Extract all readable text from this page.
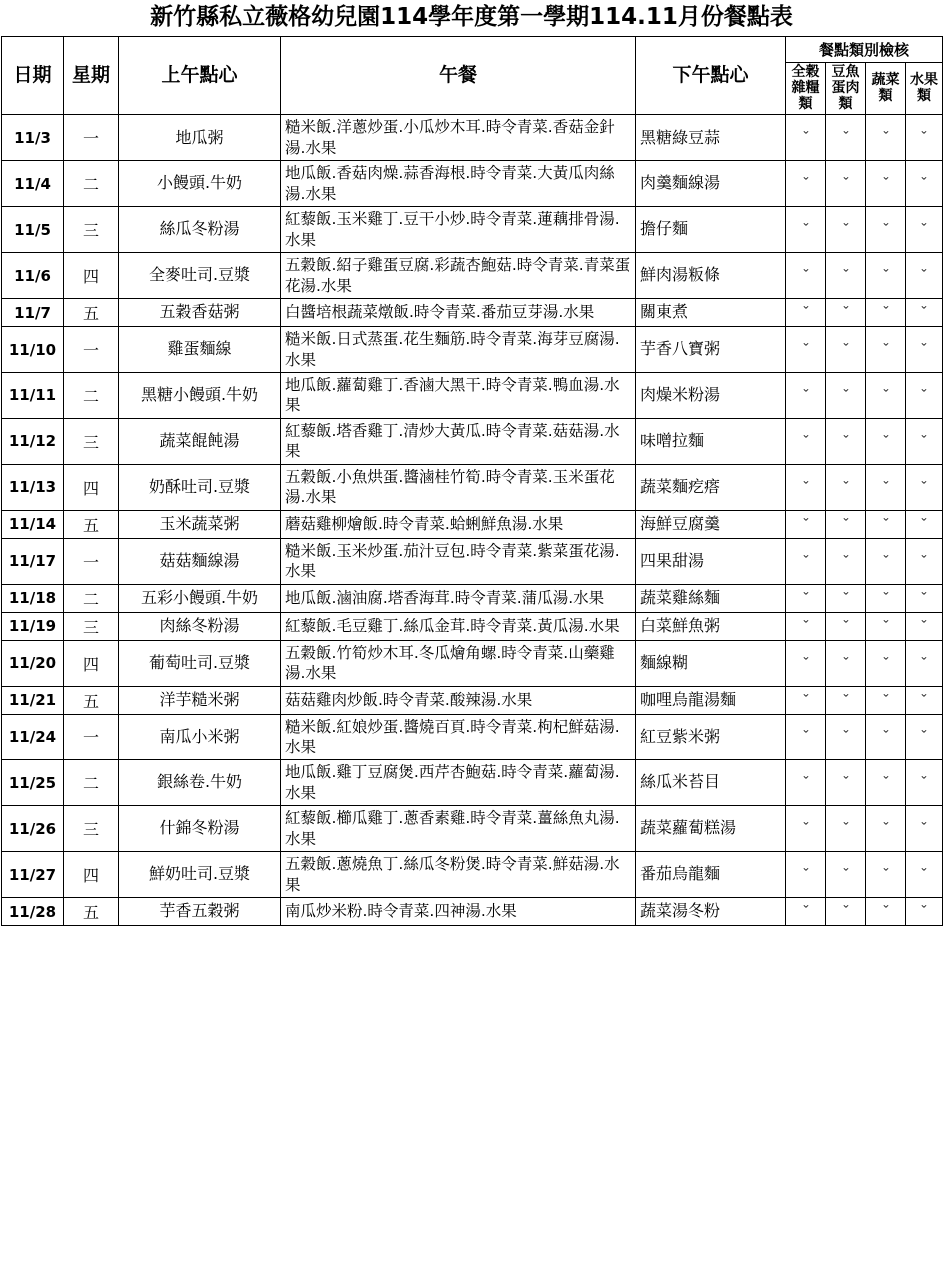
新竹縣私立薇格幼兒園114學年度第一學期114.11月份餐點表
日期	星期	上午點心	午餐	下午點心	餐點類別檢核			
					全穀雜糧類	豆魚蛋肉類	蔬菜類	水果類
11/3	一	地瓜粥	糙米飯.洋蔥炒蛋.小瓜炒木耳.時令青菜.香菇金針湯.水果	黑糖綠豆蒜	ˇ	ˇ	ˇ	ˇ
11/4	二	小饅頭.牛奶	地瓜飯.香菇肉燥.蒜香海根.時令青菜.大黃瓜肉絲湯.水果	肉羹麵線湯	ˇ	ˇ	ˇ	ˇ
11/5	三	絲瓜冬粉湯	紅藜飯.玉米雞丁.豆干小炒.時令青菜.蓮藕排骨湯.水果	擔仔麵	ˇ	ˇ	ˇ	ˇ
11/6	四	全麥吐司.豆漿	五穀飯.紹子雞蛋豆腐.彩蔬杏鮑菇.時令青菜.青菜蛋花湯.水果	鮮肉湯粄條	ˇ	ˇ	ˇ	ˇ
11/7	五	五穀香菇粥	白醬培根蔬菜燉飯.時令青菜.番茄豆芽湯.水果	關東煮	ˇ	ˇ	ˇ	ˇ
11/10	一	雞蛋麵線	糙米飯.日式蒸蛋.花生麵筋.時令青菜.海芽豆腐湯.水果	芋香八寶粥	ˇ	ˇ	ˇ	ˇ
11/11	二	黑糖小饅頭.牛奶	地瓜飯.蘿蔔雞丁.香滷大黑干.時令青菜.鴨血湯.水果	肉燥米粉湯	ˇ	ˇ	ˇ	ˇ
11/12	三	蔬菜餛飩湯	紅藜飯.塔香雞丁.清炒大黃瓜.時令青菜.菇菇湯.水果	味噌拉麵	ˇ	ˇ	ˇ	ˇ
11/13	四	奶酥吐司.豆漿	五穀飯.小魚烘蛋.醬滷桂竹筍.時令青菜.玉米蛋花湯.水果	蔬菜麵疙瘩	ˇ	ˇ	ˇ	ˇ
11/14	五	玉米蔬菜粥	蘑菇雞柳燴飯.時令青菜.蛤蜊鮮魚湯.水果	海鮮豆腐羹	ˇ	ˇ	ˇ	ˇ
11/17	一	菇菇麵線湯	糙米飯.玉米炒蛋.茄汁豆包.時令青菜.紫菜蛋花湯.水果	四果甜湯	ˇ	ˇ	ˇ	ˇ
11/18	二	五彩小饅頭.牛奶	地瓜飯.滷油腐.塔香海茸.時令青菜.蒲瓜湯.水果	蔬菜雞絲麵	ˇ	ˇ	ˇ	ˇ
11/19	三	肉絲冬粉湯	紅藜飯.毛豆雞丁.絲瓜金茸.時令青菜.黃瓜湯.水果	白菜鮮魚粥	ˇ	ˇ	ˇ	ˇ
11/20	四	葡萄吐司.豆漿	五穀飯.竹筍炒木耳.冬瓜燴角螺.時令青菜.山藥雞湯.水果	麵線糊	ˇ	ˇ	ˇ	ˇ
11/21	五	洋芋糙米粥	菇菇雞肉炒飯.時令青菜.酸辣湯.水果	咖哩烏龍湯麵	ˇ	ˇ	ˇ	ˇ
11/24	一	南瓜小米粥	糙米飯.紅娘炒蛋.醬燒百頁.時令青菜.枸杞鮮菇湯.水果	紅豆紫米粥	ˇ	ˇ	ˇ	ˇ
11/25	二	銀絲卷.牛奶	地瓜飯.雞丁豆腐煲.西芹杏鮑菇.時令青菜.蘿蔔湯.水果	絲瓜米苔目	ˇ	ˇ	ˇ	ˇ
11/26	三	什錦冬粉湯	紅藜飯.櫛瓜雞丁.蔥香素雞.時令青菜.薑絲魚丸湯.水果	蔬菜蘿蔔糕湯	ˇ	ˇ	ˇ	ˇ
11/27	四	鮮奶吐司.豆漿	五穀飯.蔥燒魚丁.絲瓜冬粉煲.時令青菜.鮮菇湯.水果	番茄烏龍麵	ˇ	ˇ	ˇ	ˇ
11/28	五	芋香五穀粥	南瓜炒米粉.時令青菜.四神湯.水果	蔬菜湯冬粉	ˇ	ˇ	ˇ	ˇ
